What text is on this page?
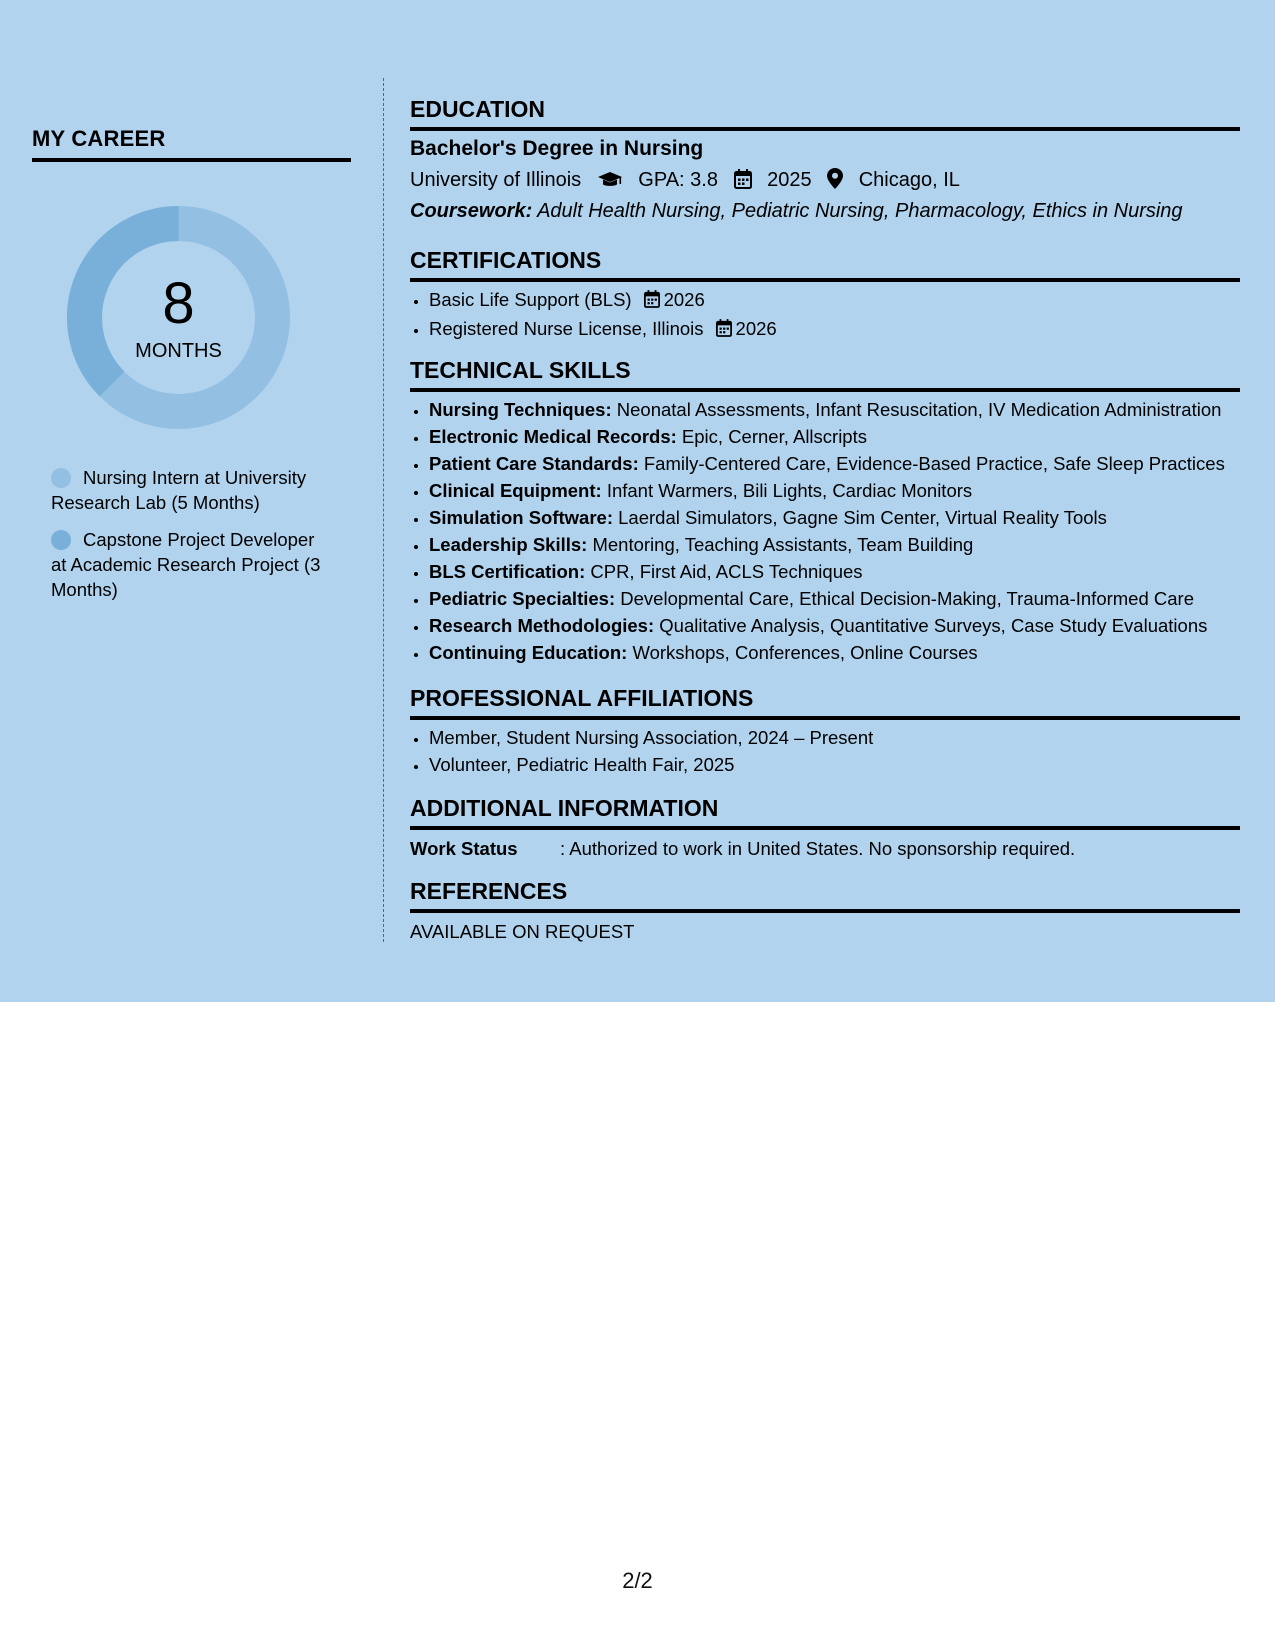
MY CAREER
8
MONTHS
Nursing Intern at University Research Lab (5 Months)
Capstone Project Developer at Academic Research Project (3 Months)
EDUCATION
Bachelor's Degree in Nursing
University of Illinois	GPA: 3.8 2025 Chicago, IL
Coursework: Adult Health Nursing, Pediatric Nursing, Pharmacology, Ethics in Nursing
CERTIFICATIONS
• Basic Life Support (BLS) 2026
• Registered Nurse License, Illinois 2026
TECHNICAL SKILLS
• Nursing Techniques: Neonatal Assessments, Infant Resuscitation, IV Medication Administration
• Electronic Medical Records: Epic, Cerner, Allscripts
• Patient Care Standards: Family-Centered Care, Evidence-Based Practice, Safe Sleep Practices
• Clinical Equipment: Infant Warmers, Bili Lights, Cardiac Monitors
• Simulation Software: Laerdal Simulators, Gagne Sim Center, Virtual Reality Tools
• Leadership Skills: Mentoring, Teaching Assistants, Team Building
• BLS Certification: CPR, First Aid, ACLS Techniques
• Pediatric Specialties: Developmental Care, Ethical Decision-Making, Trauma-Informed Care
• Research Methodologies: Qualitative Analysis, Quantitative Surveys, Case Study Evaluations
• Continuing Education: Workshops, Conferences, Online Courses
PROFESSIONAL AFFILIATIONS
• Member, Student Nursing Association, 2024 – Present
• Volunteer, Pediatric Health Fair, 2025
ADDITIONAL INFORMATION
Work Status : Authorized to work in United States. No sponsorship required.
REFERENCES
AVAILABLE ON REQUEST
2/2
